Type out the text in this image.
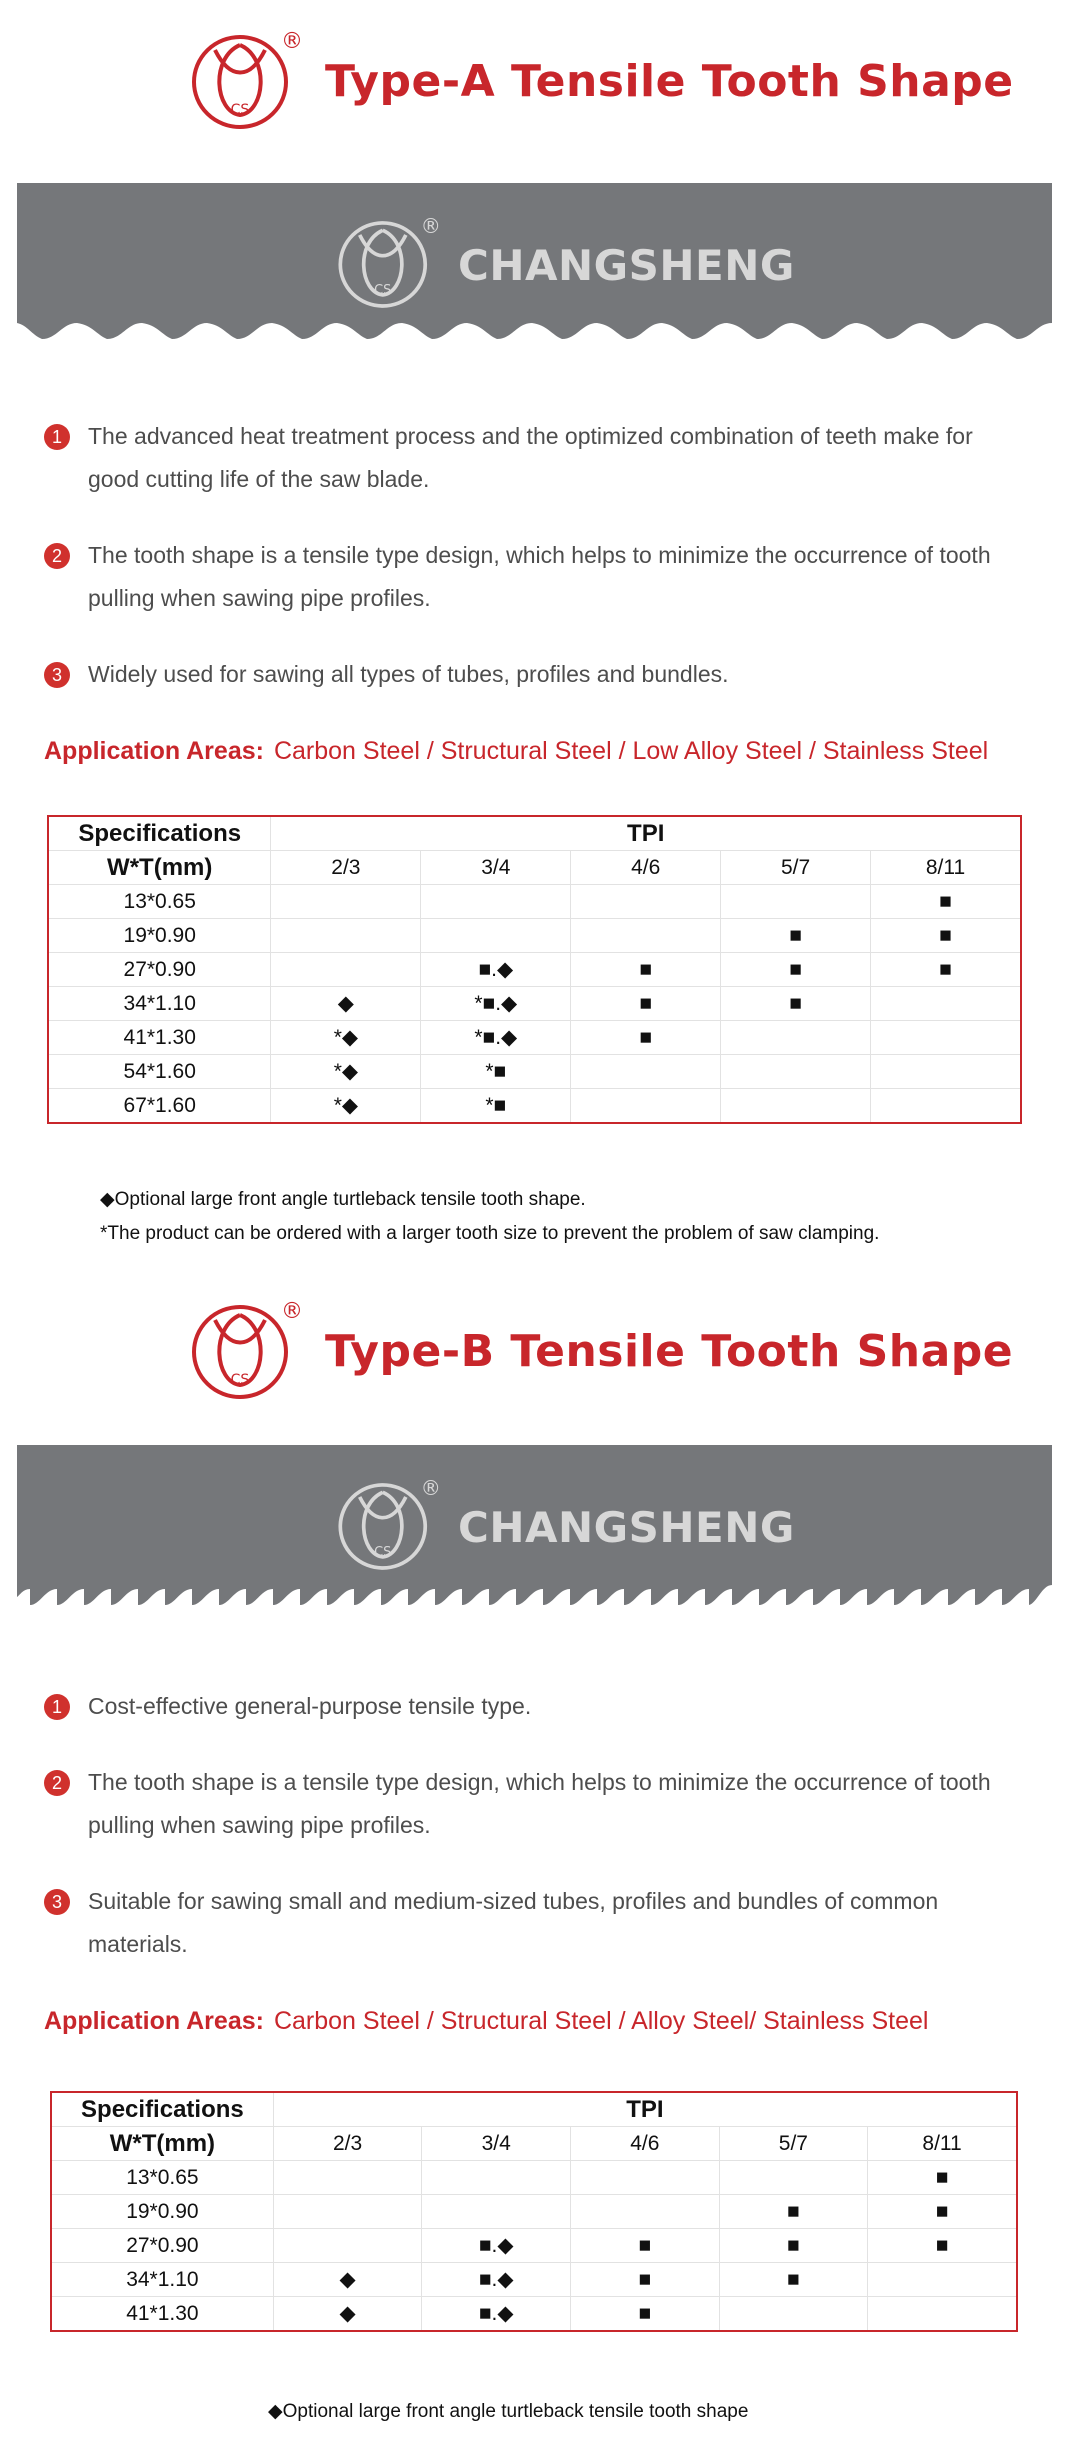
CS
®
Type-A Tensile Tooth Shape
CS
®
CHANGSHENG
1	The advanced heat treatment process and the optimized combination of teeth make for good cutting life of the saw blade.
2	The tooth shape is a tensile type design, which helps to minimize the occurrence of tooth pulling when sawing pipe profiles.
3	Widely used for sawing all types of tubes, profiles and bundles.
Application Areas: Carbon Steel / Structural Steel / Low Alloy Steel / Stainless Steel
Specifications	TPI				
W*T(mm)	2/3	3/4	4/6	5/7	8/11
13*0.65					■
19*0.90				■	■
27*0.90		■.◆	■	■	■
34*1.10	◆	*■.◆	■	■	
41*1.30	*◆	*■.◆	■		
54*1.60	*◆	*■			
67*1.60	*◆	*■			
◆Optional large front angle turtleback tensile tooth shape.
*The product can be ordered with a larger tooth size to prevent the problem of saw clamping.
CS
®
Type-B Tensile Tooth Shape
CS
®
CHANGSHENG
1	Cost-effective general-purpose tensile type.
2	The tooth shape is a tensile type design, which helps to minimize the occurrence of tooth pulling when sawing pipe profiles.
3	Suitable for sawing small and medium-sized tubes, profiles and bundles of common materials.
Application Areas: Carbon Steel / Structural Steel / Alloy Steel/ Stainless Steel
Specifications	TPI				
W*T(mm)	2/3	3/4	4/6	5/7	8/11
13*0.65					■
19*0.90				■	■
27*0.90		■.◆	■	■	■
34*1.10	◆	■.◆	■	■	
41*1.30	◆	■.◆	■		
◆Optional large front angle turtleback tensile tooth shape
